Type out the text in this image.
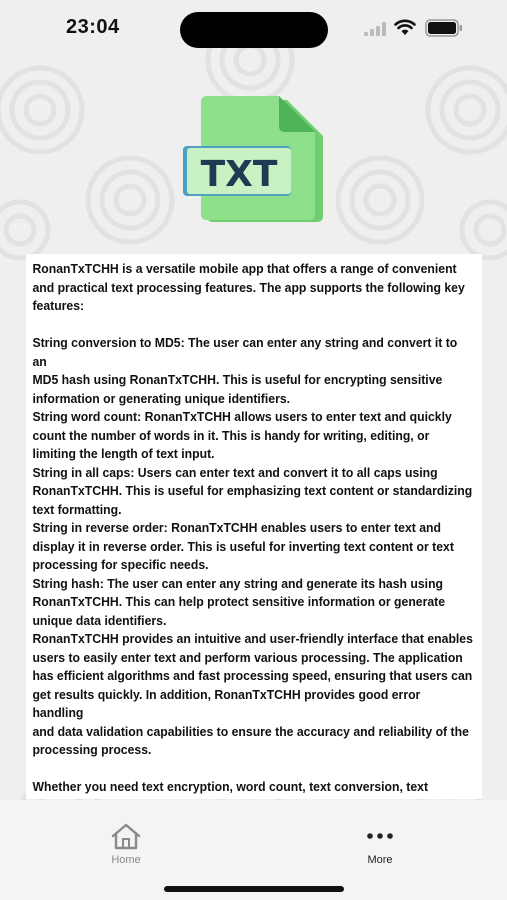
23:04
TXT

RonanTxTCHH is a versatile mobile app that offers a range of convenient
and practical text processing features. The app supports the following key
features:

String conversion to MD5: The user can enter any string and convert it to an
MD5 hash using RonanTxTCHH. This is useful for encrypting sensitive
information or generating unique identifiers.
String word count: RonanTxTCHH allows users to enter text and quickly
count the number of words in it. This is handy for writing, editing, or
limiting the length of text input.
String in all caps: Users can enter text and convert it to all caps using
RonanTxTCHH. This is useful for emphasizing text content or standardizing
text formatting.
String in reverse order: RonanTxTCHH enables users to enter text and
display it in reverse order. This is useful for inverting text content or text
processing for specific needs.
String hash: The user can enter any string and generate its hash using
RonanTxTCHH. This can help protect sensitive information or generate
unique data identifiers.
RonanTxTCHH provides an intuitive and user-friendly interface that enables
users to easily enter text and perform various processing. The application
has efficient algorithms and fast processing speed, ensuring that users can
get results quickly. In addition, RonanTxTCHH provides good error handling
and data validation capabilities to ensure the accuracy and reliability of the
processing process.

Whether you need text encryption, word count, text conversion, text

Home	More
